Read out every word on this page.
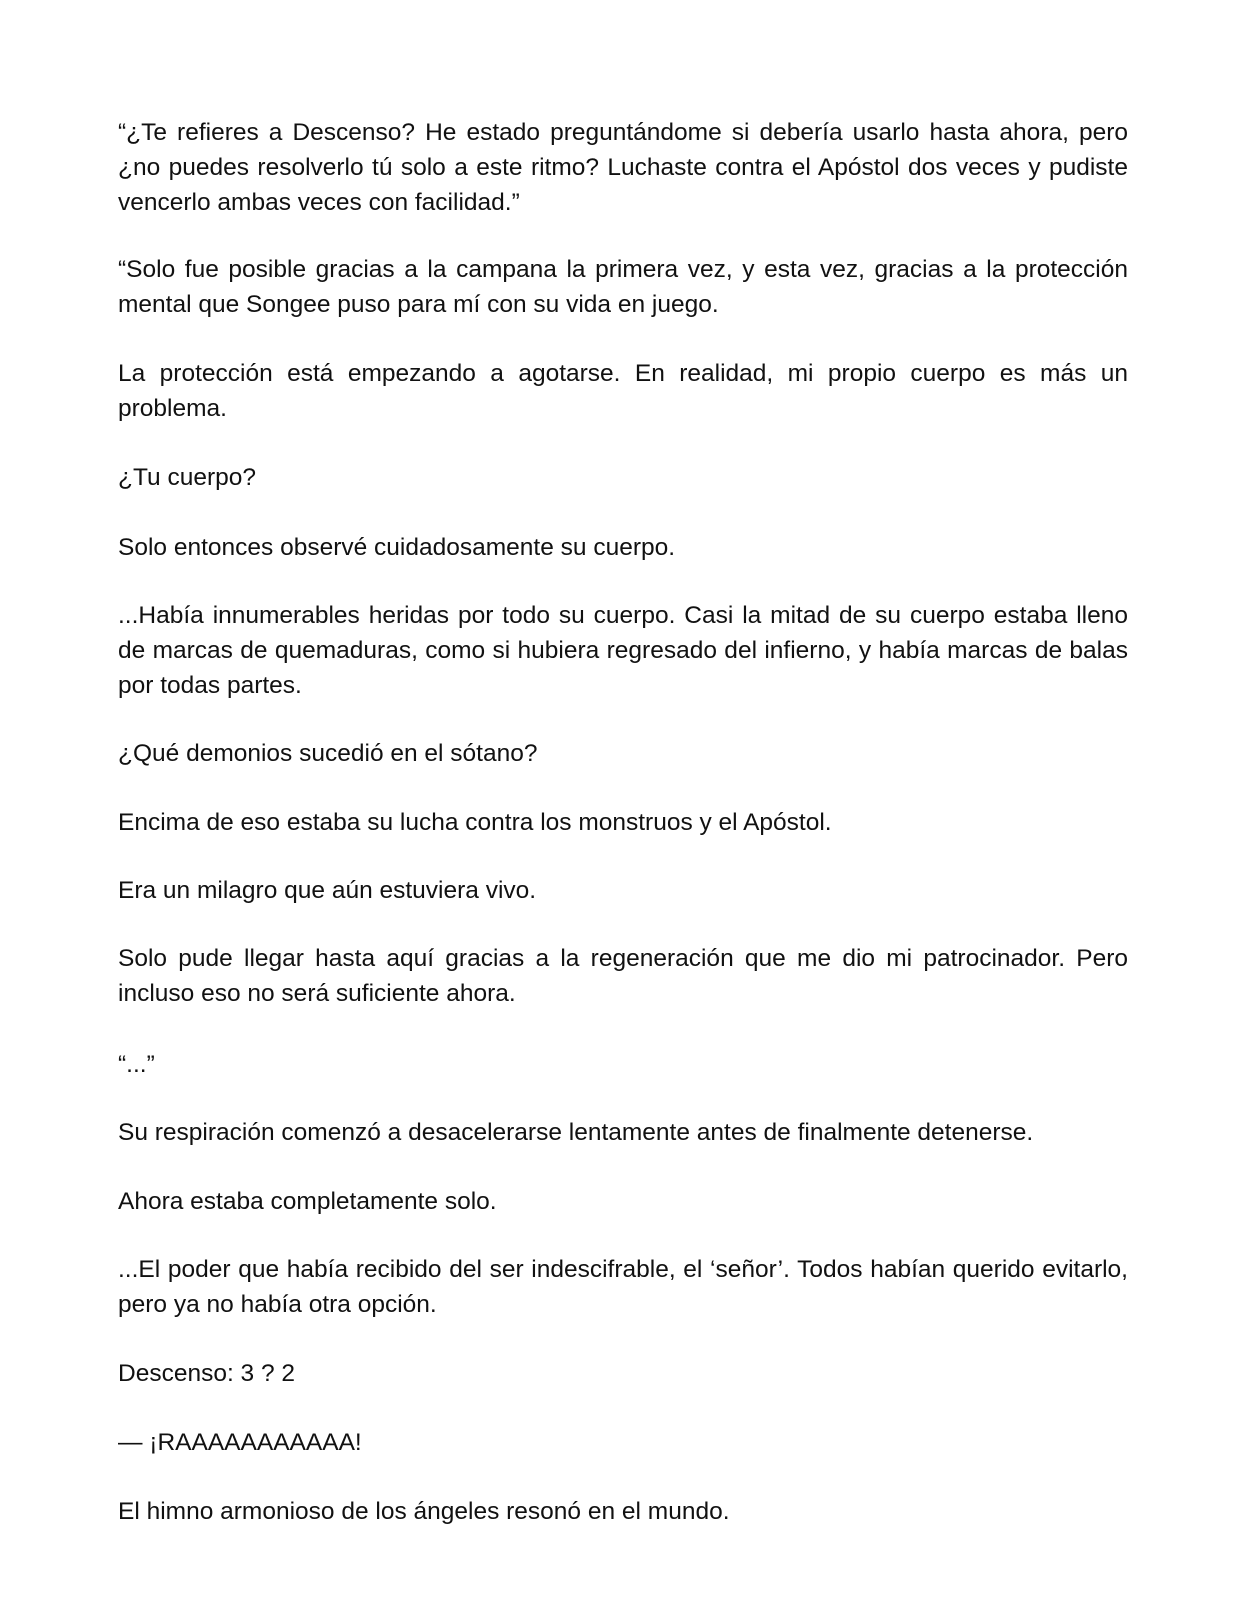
“¿Te refieres a Descenso? He estado preguntándome si debería usarlo hasta ahora, pero ¿no puedes resolverlo tú solo a este ritmo? Luchaste contra el Apóstol dos veces y pudiste vencerlo ambas veces con facilidad.”

“Solo fue posible gracias a la campana la primera vez, y esta vez, gracias a la protección mental que Songee puso para mí con su vida en juego.

La protección está empezando a agotarse. En realidad, mi propio cuerpo es más un problema.

¿Tu cuerpo?

Solo entonces observé cuidadosamente su cuerpo.

...Había innumerables heridas por todo su cuerpo. Casi la mitad de su cuerpo estaba lleno de marcas de quemaduras, como si hubiera regresado del infierno, y había marcas de balas por todas partes.

¿Qué demonios sucedió en el sótano?

Encima de eso estaba su lucha contra los monstruos y el Apóstol.

Era un milagro que aún estuviera vivo.

Solo pude llegar hasta aquí gracias a la regeneración que me dio mi patrocinador. Pero incluso eso no será suficiente ahora.

“...”

Su respiración comenzó a desacelerarse lentamente antes de finalmente detenerse.

Ahora estaba completamente solo.

...El poder que había recibido del ser indescifrable, el ‘señor’. Todos habían querido evitarlo, pero ya no había otra opción.

Descenso: 3 ? 2

— ¡RAAAAAAAAAAA!

El himno armonioso de los ángeles resonó en el mundo.
